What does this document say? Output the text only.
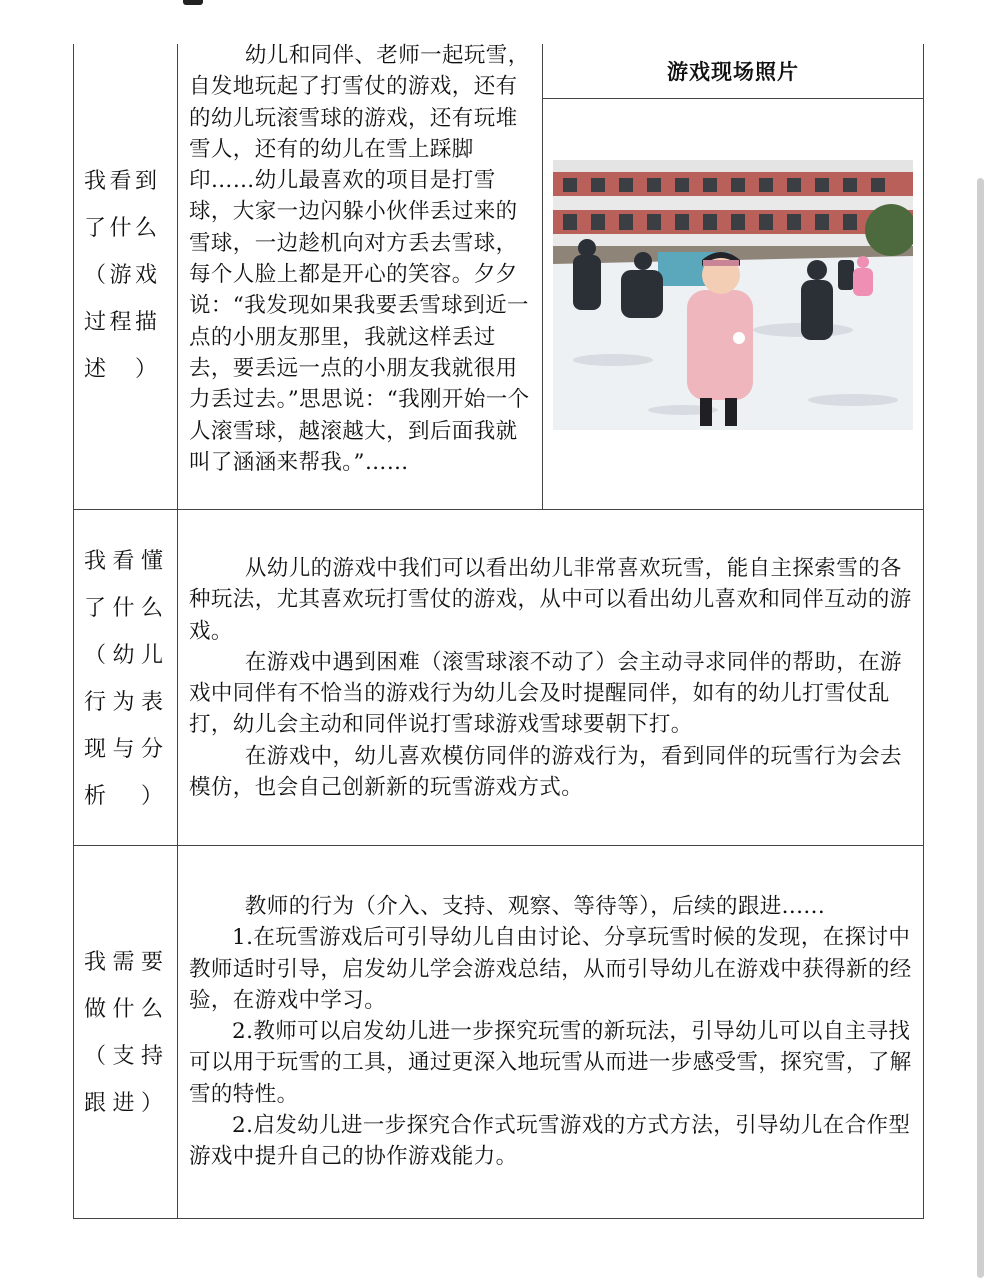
我看到
了什么
（游戏
过程描
述）

幼儿和同伴、老师一起玩雪，自发地玩起了打雪仗的游戏，还有的幼儿玩滚雪球的游戏，还有玩堆雪人，还有的幼儿在雪上踩脚印……幼儿最喜欢的项目是打雪球，大家一边闪躲小伙伴丢过来的雪球，一边趁机向对方丢去雪球，每个人脸上都是开心的笑容。夕夕说：“我发现如果我要丢雪球到近一点的小朋友那里，我就这样丢过去，要丢远一点的小朋友我就很用力丢过去。”思思说：“我刚开始一个人滚雪球，越滚越大，到后面我就叫了涵涵来帮我。”……

游戏现场照片
我看懂
了什么
（幼儿
行为表
现与分
析）

从幼儿的游戏中我们可以看出幼儿非常喜欢玩雪，能自主探索雪的各种玩法，尤其喜欢玩打雪仗的游戏，从中可以看出幼儿喜欢和同伴互动的游戏。

在游戏中遇到困难（滚雪球滚不动了）会主动寻求同伴的帮助，在游戏中同伴有不恰当的游戏行为幼儿会及时提醒同伴，如有的幼儿打雪仗乱打，幼儿会主动和同伴说打雪球游戏雪球要朝下打。

在游戏中，幼儿喜欢模仿同伴的游戏行为，看到同伴的玩雪行为会去模仿，也会自己创新新的玩雪游戏方式。

我需要
做什么
（支持
跟进）

教师的行为（介入、支持、观察、等待等），后续的跟进......

1.在玩雪游戏后可引导幼儿自由讨论、分享玩雪时候的发现，在探讨中教师适时引导，启发幼儿学会游戏总结，从而引导幼儿在游戏中获得新的经验，在游戏中学习。

2.教师可以启发幼儿进一步探究玩雪的新玩法，引导幼儿可以自主寻找可以用于玩雪的工具，通过更深入地玩雪从而进一步感受雪，探究雪，了解雪的特性。

2.启发幼儿进一步探究合作式玩雪游戏的方式方法，引导幼儿在合作型游戏中提升自己的协作游戏能力。
